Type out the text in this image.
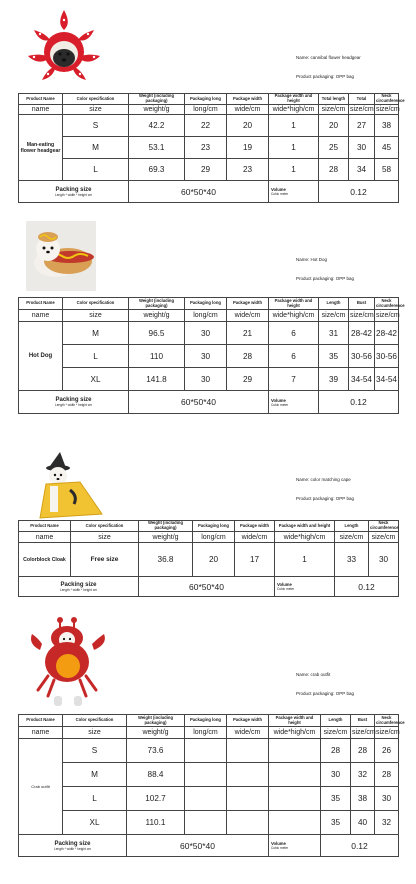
Name: cannibal flower headgear
Product packaging: OPP bag
Product Name	Color specification	Weight (including packaging)	Packaging long	Package width	Package width and height	Total length	Total	Neck circumference
name	size	weight/g	long/cm	wide/cm	wide*high/cm	size/cm	size/cm	size/cm
Man-eating flower headgear	S	42.2	22	20	1	20	27	38
	M	53.1	23	19	1	25	30	45
	L	69.3	29	23	1	28	34	58

Packing size
Length * width * height cm		60*50*40			Volume
Cubic meter	0.12		
Name: Hot Dog
Product packaging: OPP bag
Product Name	Color specification	Weight (including packaging)	Packaging long	Package width	Package width and height	Length	Bust	Neck circumference
name	size	weight/g	long/cm	wide/cm	wide*high/cm	size/cm	size/cm	size/cm
Hot Dog	M	96.5	30	21	6	31	28-42	28-42
	L	110	30	28	6	35	30-56	30-56
	XL	141.8	30	29	7	39	34-54	34-54

Packing size
Length * width * height cm		60*50*40			Volume
Cubic meter	0.12		
Name: color matching cape
Product packaging: OPP bag
Product Name	Color specification	Weight (including packaging)	Packaging long	Package width	Package width and height	Length	Neck circumference
name	size	weight/g	long/cm	wide/cm	wide*high/cm	size/cm	size/cm
Colorblock Cloak	Free size	36.8	20	17	1	33	30

Packing size
Length * width * height cm		60*50*40			Volume
Cubic meter	0.12	
Name: crab outfit
Product packaging: OPP bag
Product Name	Color specification	Weight (including packaging)	Packaging long	Package width	Package width and height	Length	Bust	Neck circumference
name	size	weight/g	long/cm	wide/cm	wide*high/cm	size/cm	size/cm	size/cm
Crab outfit	S	73.6				28	28	26
	M	88.4				30	32	28
	L	102.7				35	38	30
	XL	110.1				35	40	32

Packing size
Length * width * height cm		60*50*40			Volume
Cubic meter	0.12		
